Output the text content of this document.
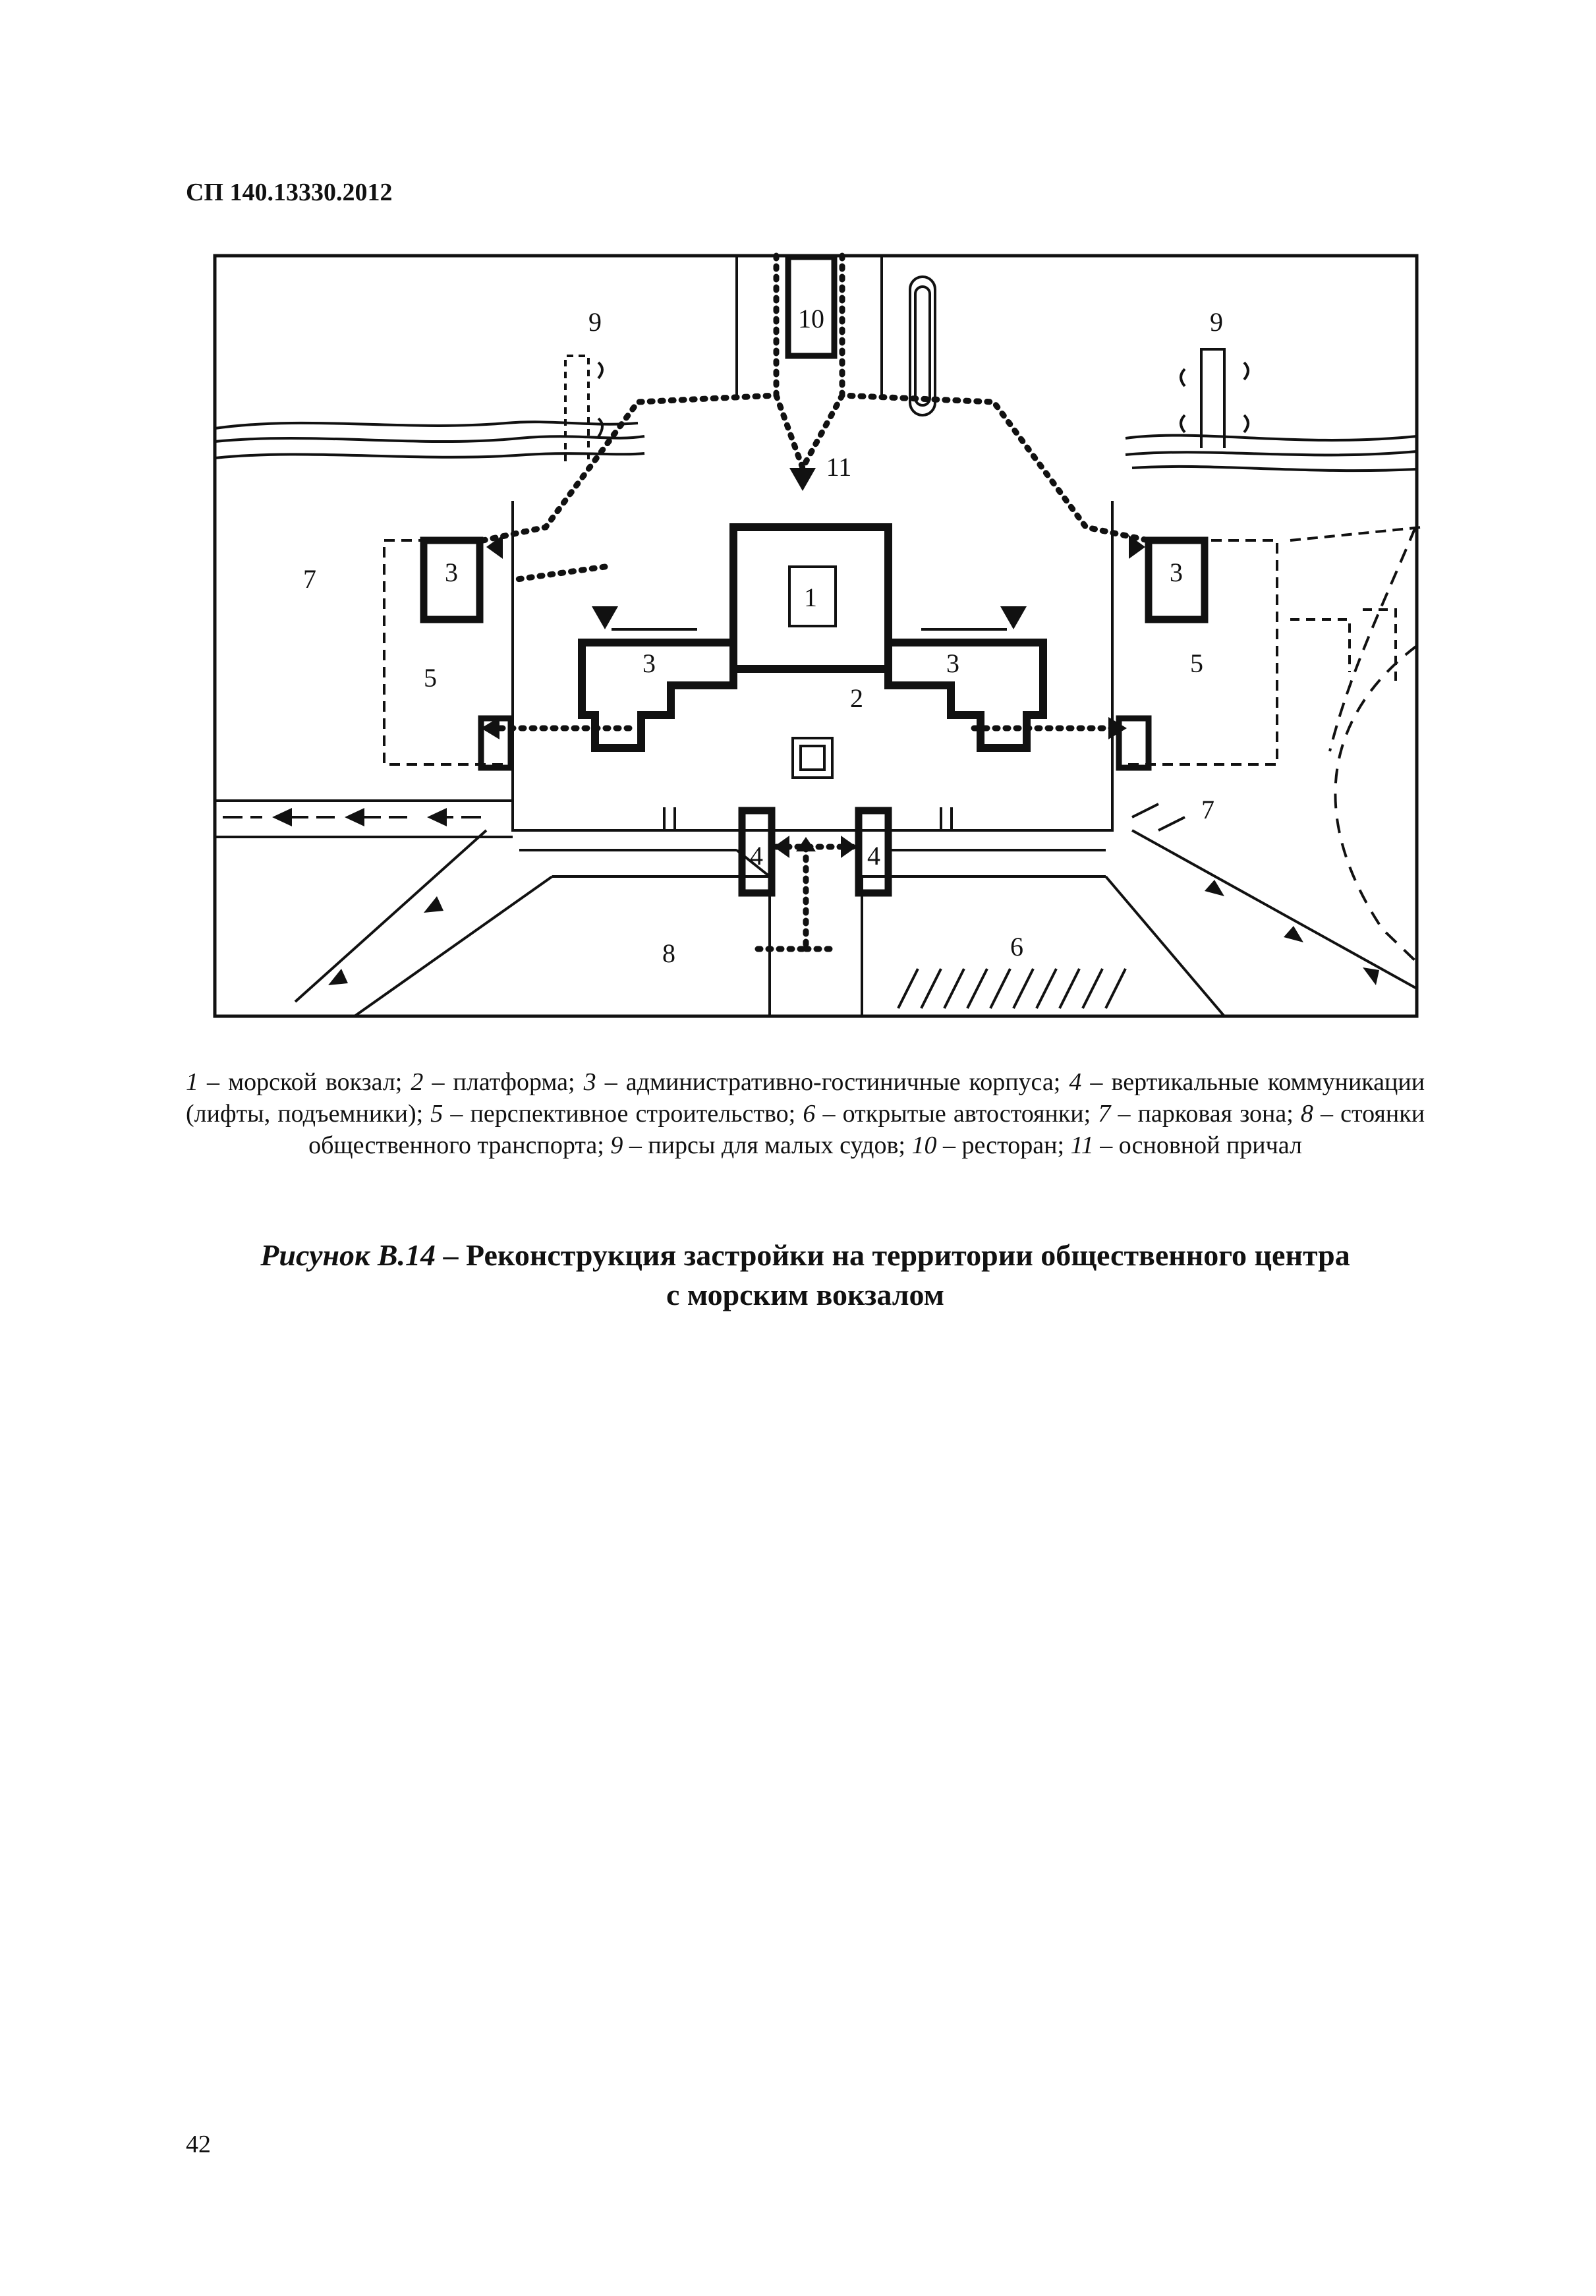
СП 140.13330.2012
9	9
10
11
1
3
3	3
3
7
7
5	5
2
4	4
8	6
1 – морской вокзал; 2 – платформа; 3 – административно-гостиничные корпуса; 4 – вертикальные коммуникации (лифты, подъемники); 5 – перспективное строительство; 6 – открытые автостоянки; 7 – парковая зона; 8 – стоянки общественного транспорта; 9 – пирсы для малых судов; 10 – ресторан; 11 – основной причал
Рисунок В.14 – Реконструкция застройки на территории общественного центра
с морским вокзалом
42
